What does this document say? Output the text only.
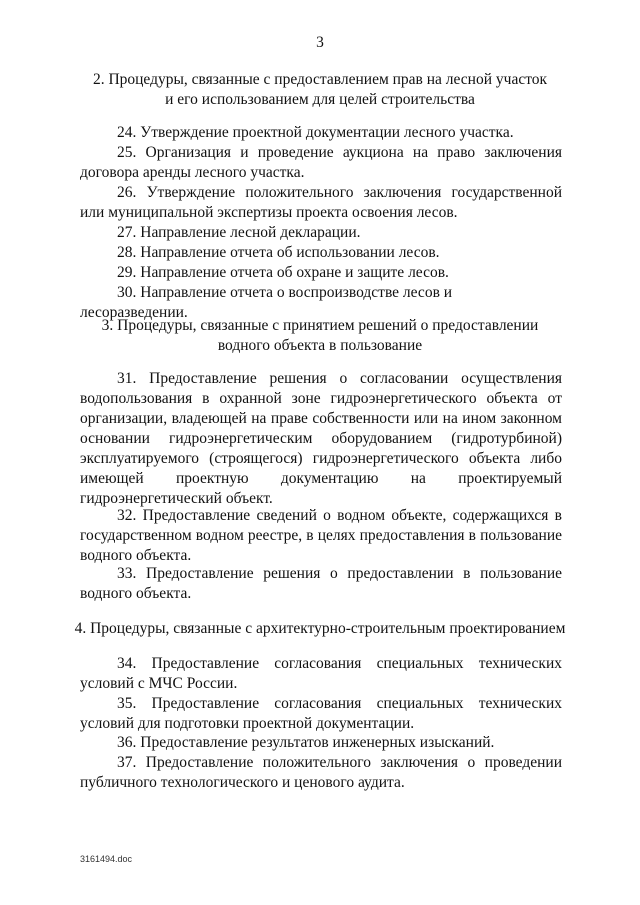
3
2. Процедуры, связанные с предоставлением прав на лесной участок
и его использованием для целей строительства
24. Утверждение проектной документации лесного участка.
25. Организация и проведение аукциона на право заключения договора аренды лесного участка.
26. Утверждение положительного заключения государственной или муниципальной экспертизы проекта освоения лесов.
27. Направление лесной декларации.
28. Направление отчета об использовании лесов.
29. Направление отчета об охране и защите лесов.
30. Направление отчета о воспроизводстве лесов и лесоразведении.
3. Процедуры, связанные с принятием решений о предоставлении
водного объекта в пользование
31. Предоставление решения о согласовании осуществления водопользования в охранной зоне гидроэнергетического объекта от организации, владеющей на праве собственности или на ином законном основании гидроэнергетическим оборудованием (гидротурбиной) эксплуатируемого (строящегося) гидроэнергетического объекта либо имеющей проектную документацию на проектируемый гидроэнергетический объект.
32. Предоставление сведений о водном объекте, содержащихся в государственном водном реестре, в целях предоставления в пользование водного объекта.
33. Предоставление решения о предоставлении в пользование водного объекта.
4. Процедуры, связанные с архитектурно-строительным проектированием
34. Предоставление согласования специальных технических условий с МЧС России.
35. Предоставление согласования специальных технических условий для подготовки проектной документации.
36. Предоставление результатов инженерных изысканий.
37. Предоставление положительного заключения о проведении публичного технологического и ценового аудита.
3161494.doc
